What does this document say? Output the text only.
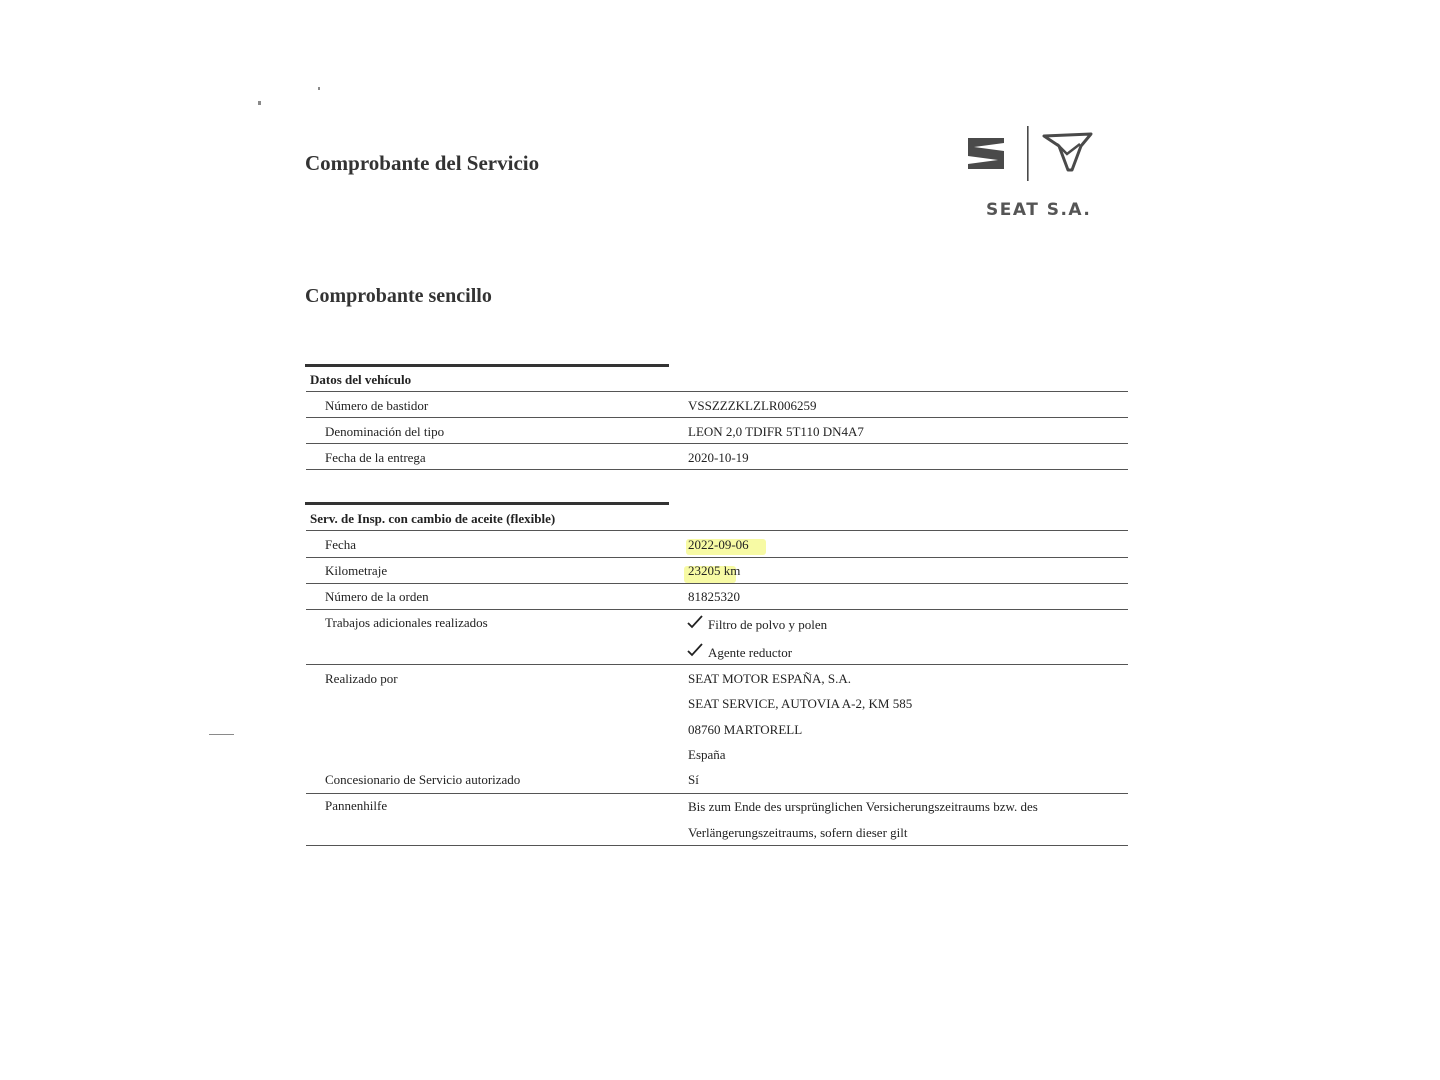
Comprobante del Servicio
Comprobante sencillo
SEAT S.A.
Datos del vehículo
Número de bastidor	VSSZZZKLZLR006259
Denominación del tipo	LEON 2,0 TDIFR 5T110 DN4A7
Fecha de la entrega	2020-10-19
Serv. de Insp. con cambio de aceite (flexible)
Fecha	2022-09-06
Kilometraje	23205 km
Número de la orden	81825320
Trabajos adicionales realizados	Filtro de polvo y polen
Agente reductor
Realizado por	SEAT MOTOR ESPAÑA, S.A.
SEAT SERVICE, AUTOVIA A-2, KM 585
08760 MARTORELL
España
Concesionario de Servicio autorizado	Sí
Pannenhilfe	Bis zum Ende des ursprünglichen Versicherungszeitraums bzw. des
Verlängerungszeitraums, sofern dieser gilt
